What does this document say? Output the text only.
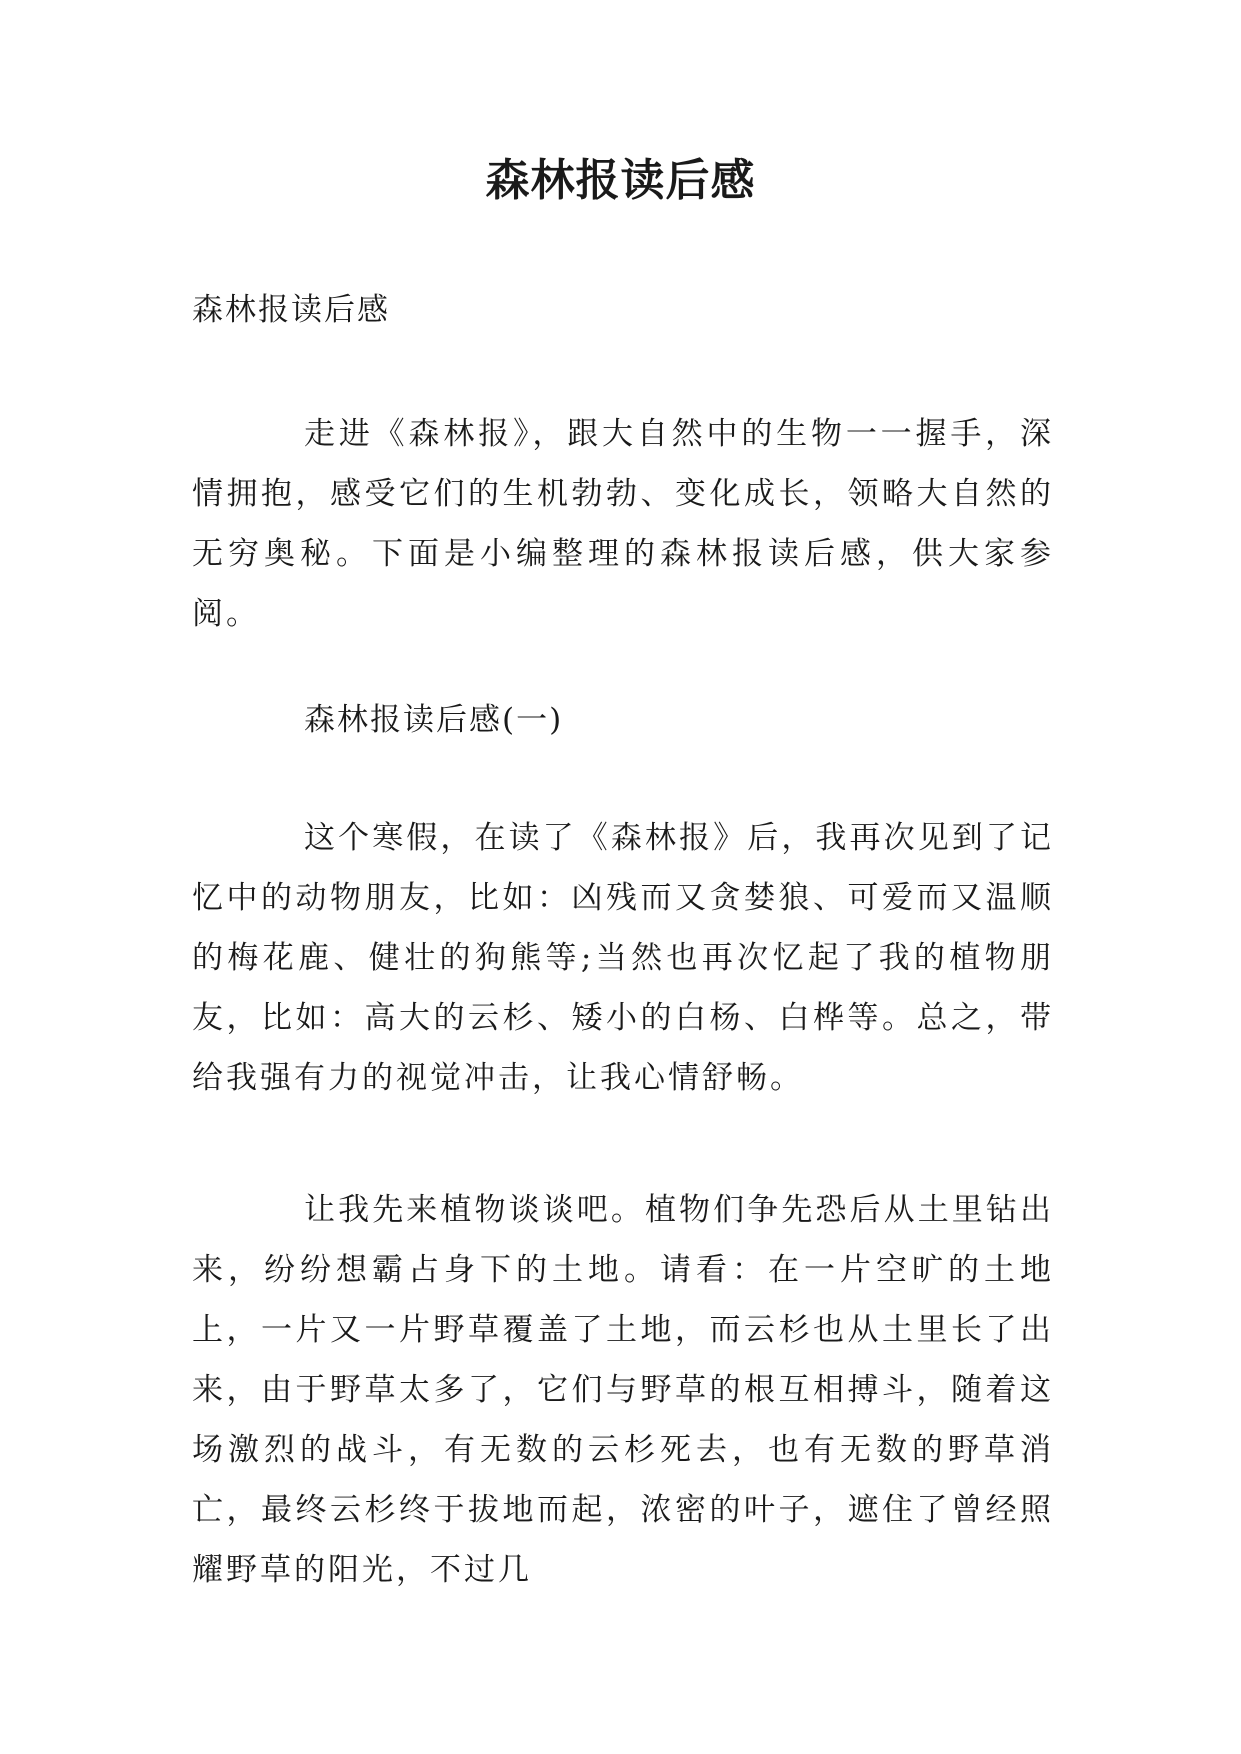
森林报读后感
森林报读后感

走进《森林报》，跟大自然中的生物一一握手，深情拥抱，感受它们的生机勃勃、变化成长，领略大自然的无穷奥秘。下面是小编整理的森林报读后感，供大家参阅。

森林报读后感(一)

这个寒假，在读了《森林报》后，我再次见到了记忆中的动物朋友，比如：凶残而又贪婪狼、可爱而又温顺的梅花鹿、健壮的狗熊等;当然也再次忆起了我的植物朋友，比如：高大的云杉、矮小的白杨、白桦等。总之，带给我强有力的视觉冲击，让我心情舒畅。

让我先来植物谈谈吧。植物们争先恐后从土里钻出来，纷纷想霸占身下的土地。请看：在一片空旷的土地上，一片又一片野草覆盖了土地，而云杉也从土里长了出来，由于野草太多了，它们与野草的根互相搏斗，随着这场激烈的战斗，有无数的云杉死去，也有无数的野草消亡，最终云杉终于拔地而起，浓密的叶子，遮住了曾经照耀野草的阳光，不过几
